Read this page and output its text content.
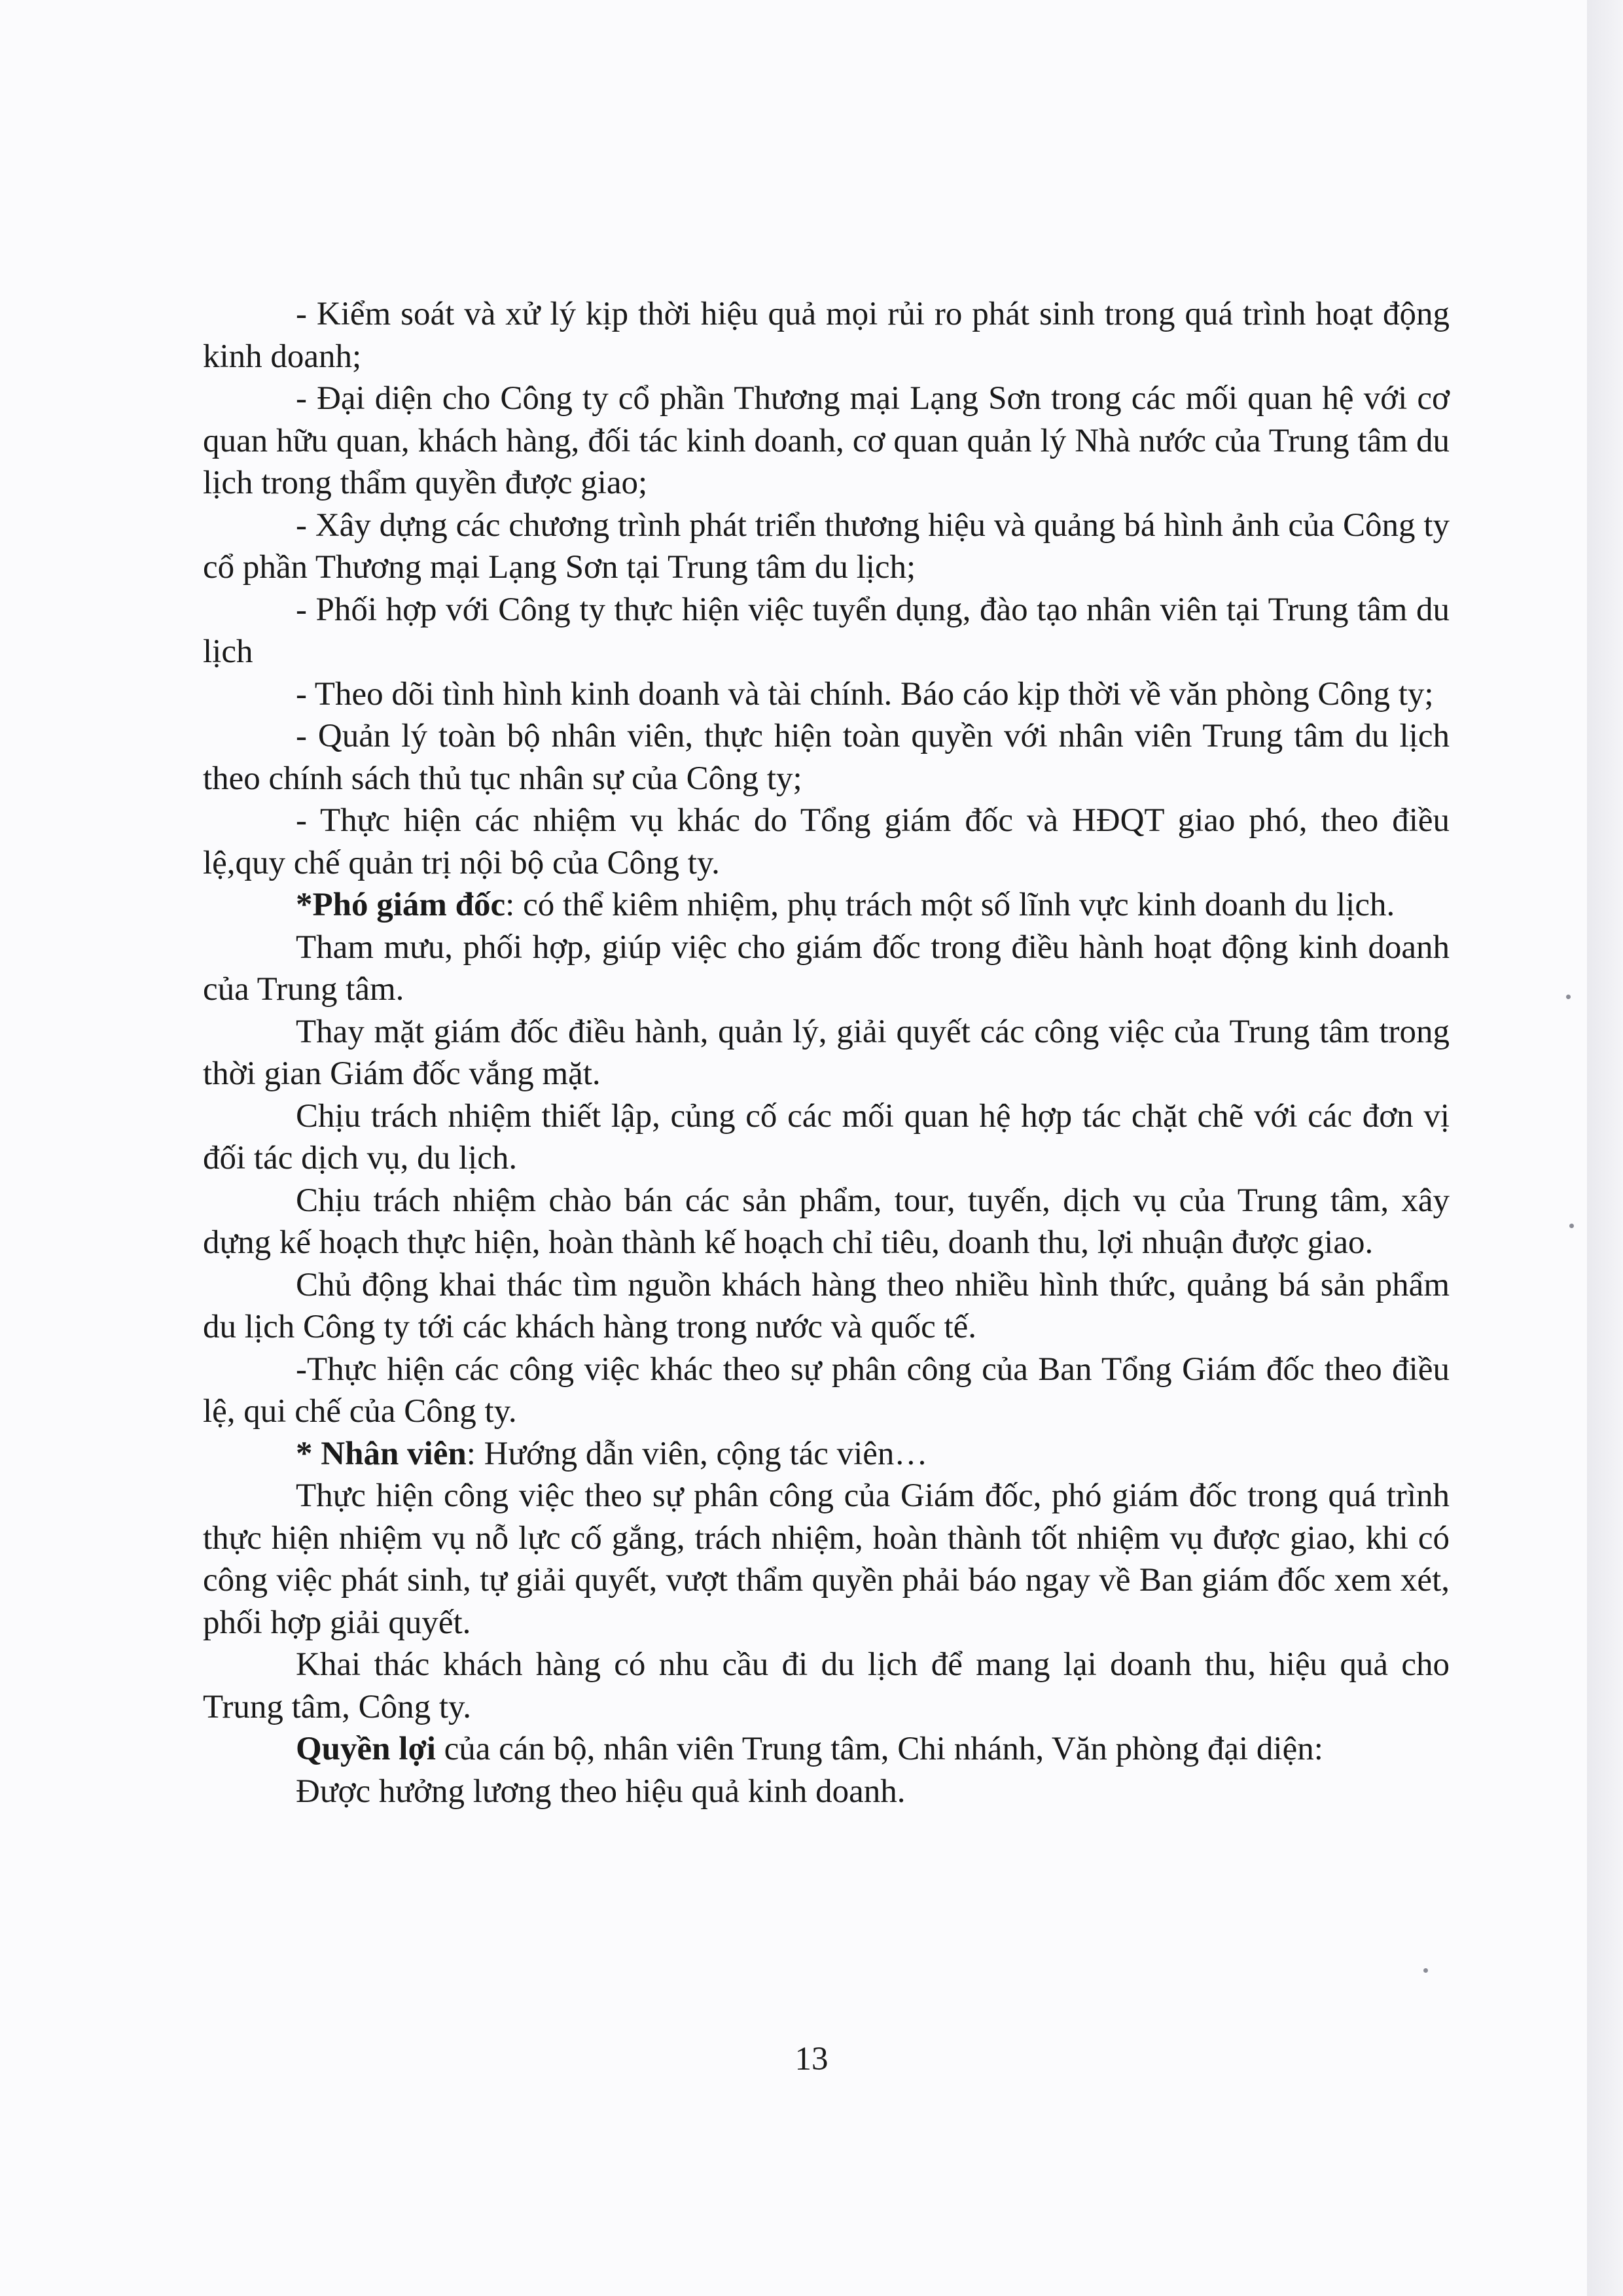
- Kiểm soát và xử lý kịp thời hiệu quả mọi rủi ro phát sinh trong quá trình hoạt động kinh doanh;

- Đại diện cho Công ty cổ phần Thương mại Lạng Sơn trong các mối quan hệ với cơ quan hữu quan, khách hàng, đối tác kinh doanh, cơ quan quản lý Nhà nước của Trung tâm du lịch trong thẩm quyền được giao;

- Xây dựng các chương trình phát triển thương hiệu và quảng bá hình ảnh của Công ty cổ phần Thương mại Lạng Sơn tại Trung tâm du lịch;

- Phối hợp với Công ty thực hiện việc tuyển dụng, đào tạo nhân viên tại Trung tâm du lịch

- Theo dõi tình hình kinh doanh và tài chính. Báo cáo kịp thời về văn phòng Công ty;

- Quản lý toàn bộ nhân viên, thực hiện toàn quyền với nhân viên Trung tâm du lịch theo chính sách thủ tục nhân sự của Công ty;

- Thực hiện các nhiệm vụ khác do Tổng giám đốc và HĐQT giao phó, theo điều lệ,quy chế quản trị nội bộ của Công ty.

*Phó giám đốc: có thể kiêm nhiệm, phụ trách một số lĩnh vực kinh doanh du lịch.

Tham mưu, phối hợp, giúp việc cho giám đốc trong điều hành hoạt động kinh doanh của Trung tâm.

Thay mặt giám đốc điều hành, quản lý, giải quyết các công việc của Trung tâm trong thời gian Giám đốc vắng mặt.

Chịu trách nhiệm thiết lập, củng cố các mối quan hệ hợp tác chặt chẽ với các đơn vị đối tác dịch vụ, du lịch.

Chịu trách nhiệm chào bán các sản phẩm, tour, tuyến, dịch vụ của Trung tâm, xây dựng kế hoạch thực hiện, hoàn thành kế hoạch chỉ tiêu, doanh thu, lợi nhuận được giao.

Chủ động khai thác tìm nguồn khách hàng theo nhiều hình thức, quảng bá sản phẩm du lịch Công ty tới các khách hàng trong nước và quốc tế.

-Thực hiện các công việc khác theo sự phân công của Ban Tổng Giám đốc theo điều lệ, qui chế của Công ty.

* Nhân viên: Hướng dẫn viên, cộng tác viên…

Thực hiện công việc theo sự phân công của Giám đốc, phó giám đốc trong quá trình thực hiện nhiệm vụ nỗ lực cố gắng, trách nhiệm, hoàn thành tốt nhiệm vụ được giao, khi có công việc phát sinh, tự giải quyết, vượt thẩm quyền phải báo ngay về Ban giám đốc xem xét, phối hợp giải quyết.

Khai thác khách hàng có nhu cầu đi du lịch để mang lại doanh thu, hiệu quả cho Trung tâm, Công ty.

Quyền lợi của cán bộ, nhân viên Trung tâm, Chi nhánh, Văn phòng đại diện:

Được hưởng lương theo hiệu quả kinh doanh.

13
